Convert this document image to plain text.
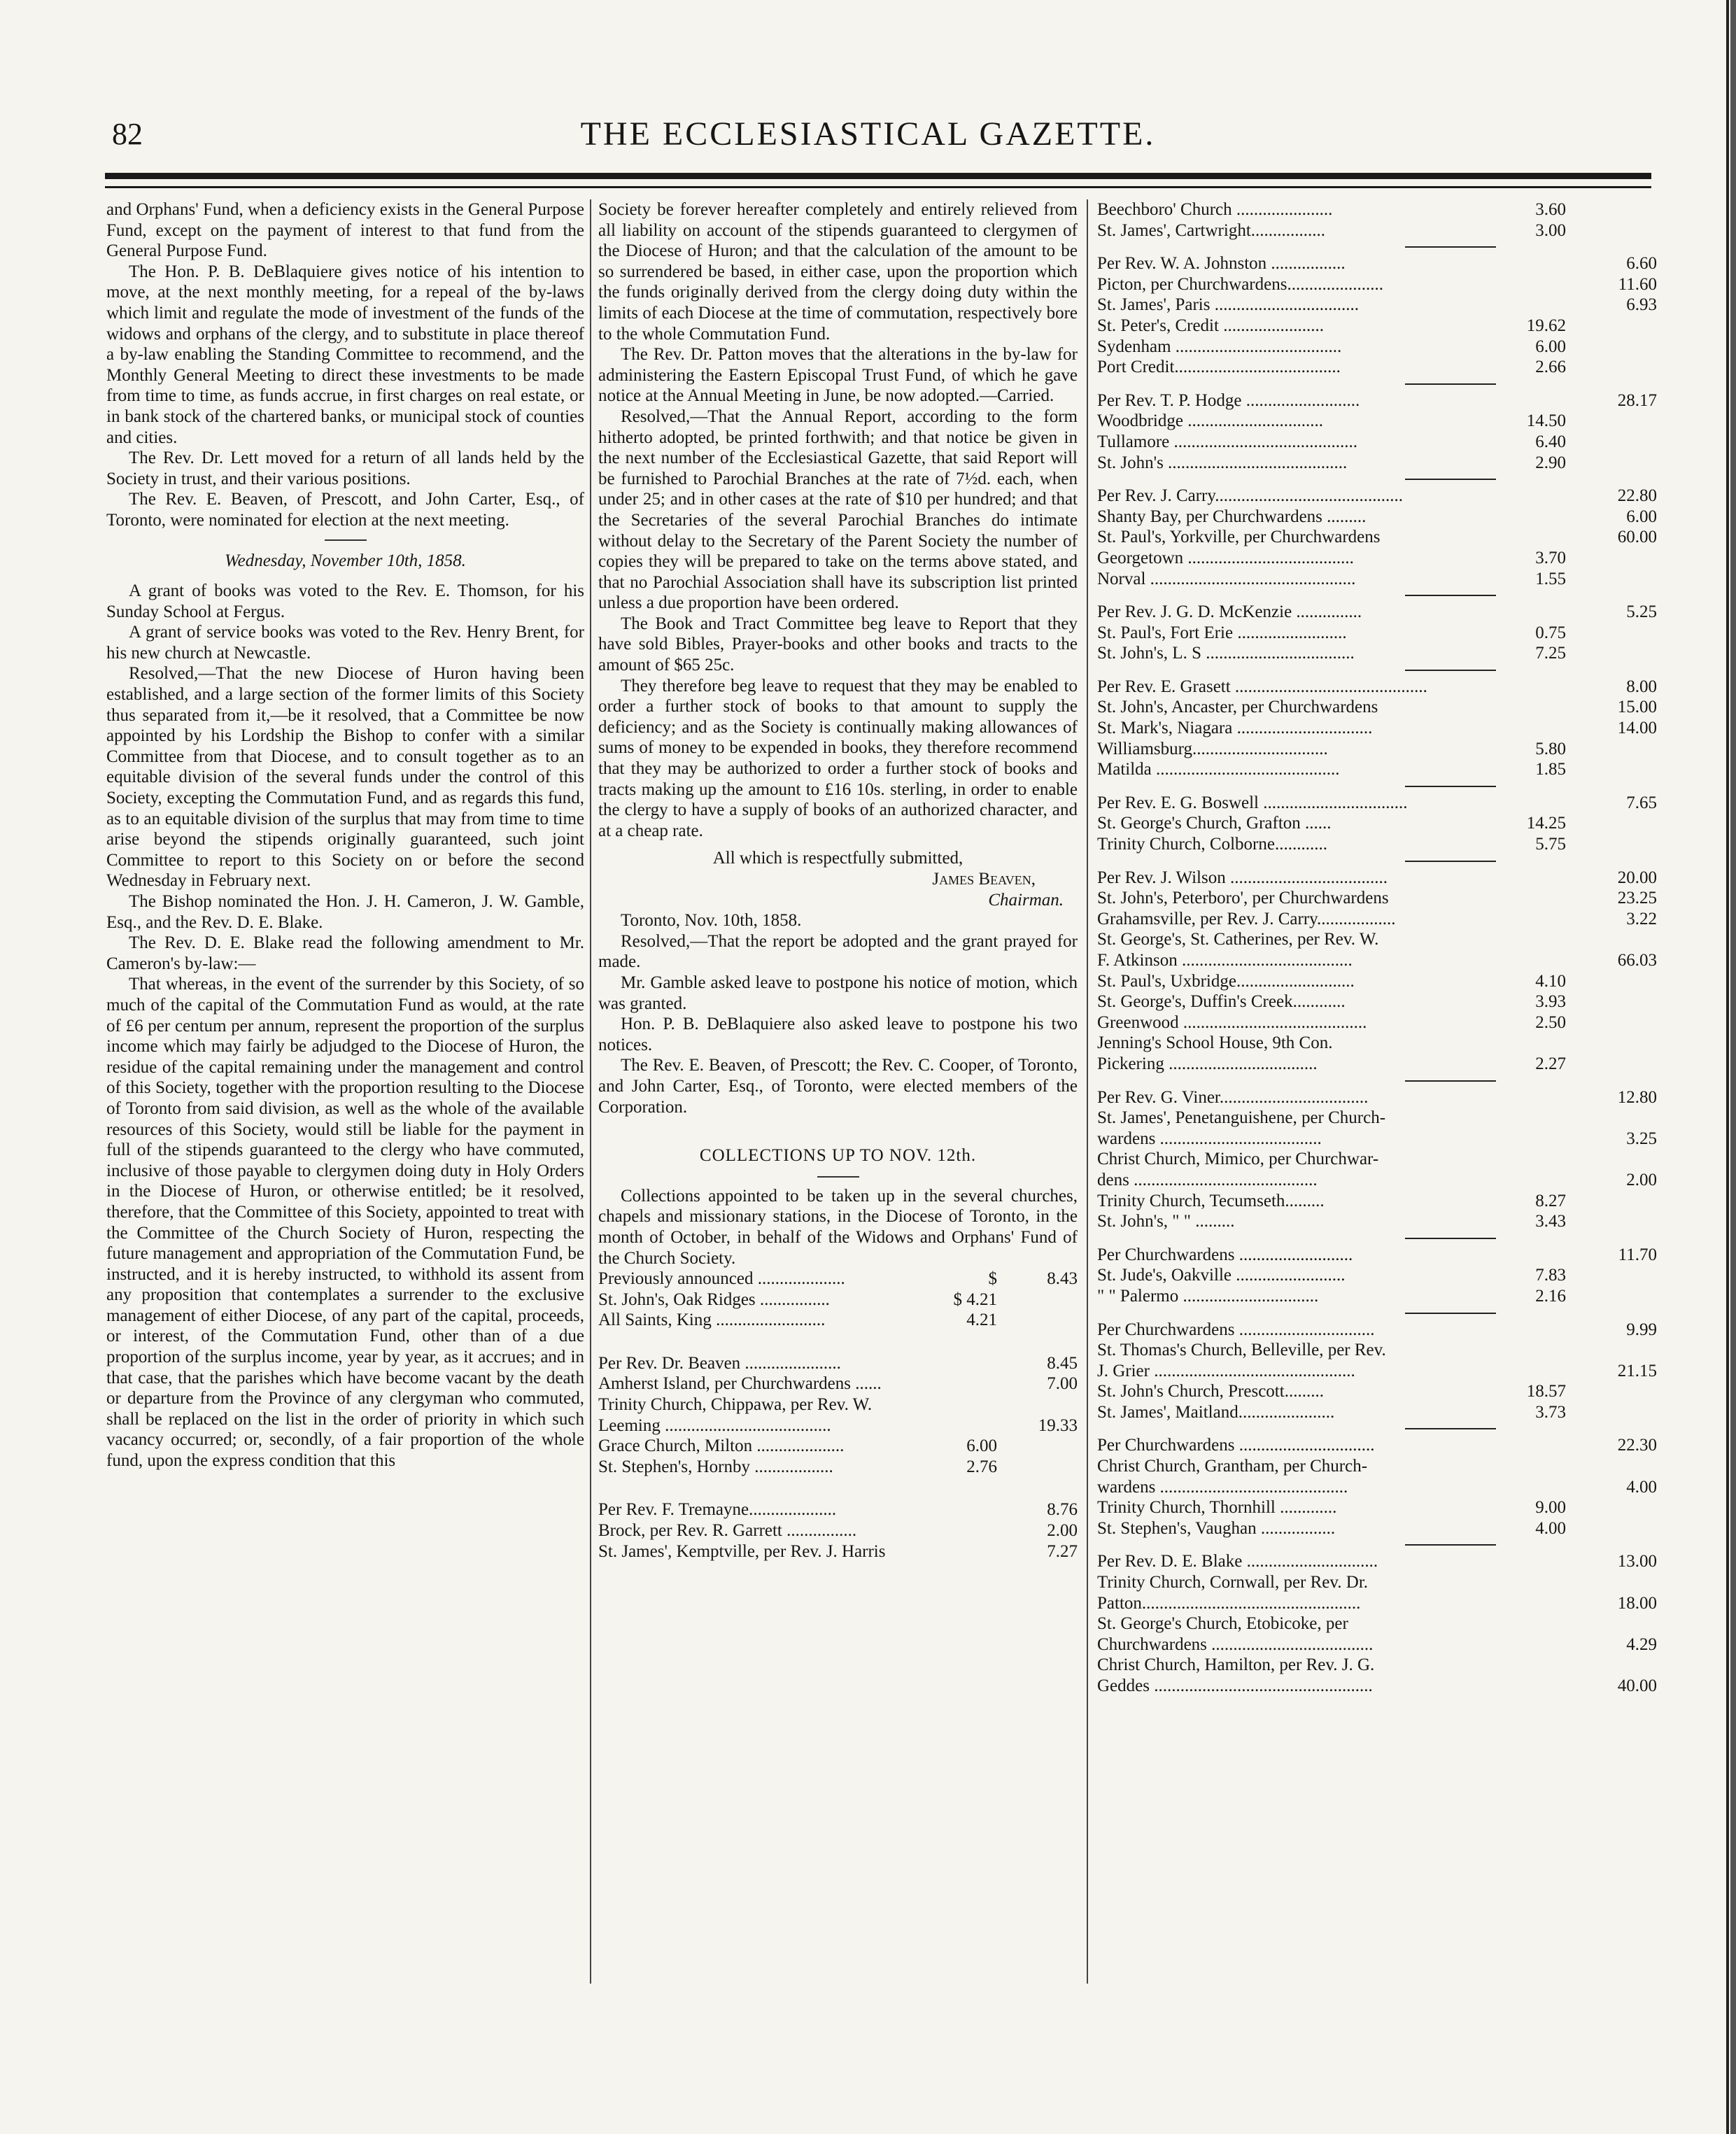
82	THE ECCLESIASTICAL GAZETTE.

and Orphans' Fund, when a deficiency exists in the General Purpose Fund, except on the payment of interest to that fund from the General Purpose Fund.

The Hon. P. B. DeBlaquiere gives notice of his intention to move, at the next monthly meeting, for a repeal of the by-laws which limit and regulate the mode of investment of the funds of the widows and orphans of the clergy, and to substitute in place thereof a by-law enabling the Standing Committee to recommend, and the Monthly General Meeting to direct these investments to be made from time to time, as funds accrue, in first charges on real estate, or in bank stock of the chartered banks, or municipal stock of counties and cities.

The Rev. Dr. Lett moved for a return of all lands held by the Society in trust, and their various positions.

The Rev. E. Beaven, of Prescott, and John Carter, Esq., of Toronto, were nominated for election at the next meeting.

Wednesday, November 10th, 1858.

A grant of books was voted to the Rev. E. Thomson, for his Sunday School at Fergus.

A grant of service books was voted to the Rev. Henry Brent, for his new church at Newcastle.

Resolved,—That the new Diocese of Huron having been established, and a large section of the former limits of this Society thus separated from it,—be it resolved, that a Committee be now appointed by his Lordship the Bishop to confer with a similar Committee from that Diocese, and to consult together as to an equitable division of the several funds under the control of this Society, excepting the Commutation Fund, and as regards this fund, as to an equitable division of the surplus that may from time to time arise beyond the stipends originally guaranteed, such joint Committee to report to this Society on or before the second Wednesday in February next.

The Bishop nominated the Hon. J. H. Cameron, J. W. Gamble, Esq., and the Rev. D. E. Blake.

The Rev. D. E. Blake read the following amendment to Mr. Cameron's by-law:—

That whereas, in the event of the surrender by this Society, of so much of the capital of the Commutation Fund as would, at the rate of £6 per centum per annum, represent the proportion of the surplus income which may fairly be adjudged to the Diocese of Huron, the residue of the capital remaining under the management and control of this Society, together with the proportion resulting to the Diocese of Toronto from said division, as well as the whole of the available resources of this Society, would still be liable for the payment in full of the stipends guaranteed to the clergy who have commuted, inclusive of those payable to clergymen doing duty in Holy Orders in the Diocese of Huron, or otherwise entitled; be it resolved, therefore, that the Committee of this Society, appointed to treat with the Committee of the Church Society of Huron, respecting the future management and appropriation of the Commutation Fund, be instructed, and it is hereby instructed, to withhold its assent from any proposition that contemplates a surrender to the exclusive management of either Diocese, of any part of the capital, proceeds, or interest, of the Commutation Fund, other than of a due proportion of the surplus income, year by year, as it accrues; and in that case, that the parishes which have become vacant by the death or departure from the Province of any clergyman who commuted, shall be replaced on the list in the order of priority in which such vacancy occurred; or, secondly, of a fair proportion of the whole fund, upon the express condition that this

Society be forever hereafter completely and entirely relieved from all liability on account of the stipends guaranteed to clergymen of the Diocese of Huron; and that the calculation of the amount to be so surrendered be based, in either case, upon the proportion which the funds originally derived from the clergy doing duty within the limits of each Diocese at the time of commutation, respectively bore to the whole Commutation Fund.

The Rev. Dr. Patton moves that the alterations in the by-law for administering the Eastern Episcopal Trust Fund, of which he gave notice at the Annual Meeting in June, be now adopted.—Carried.

Resolved,—That the Annual Report, according to the form hitherto adopted, be printed forthwith; and that notice be given in the next number of the Ecclesiastical Gazette, that said Report will be furnished to Parochial Branches at the rate of 7½d. each, when under 25; and in other cases at the rate of $10 per hundred; and that the Secretaries of the several Parochial Branches do intimate without delay to the Secretary of the Parent Society the number of copies they will be prepared to take on the terms above stated, and that no Parochial Association shall have its subscription list printed unless a due proportion have been ordered.

The Book and Tract Committee beg leave to Report that they have sold Bibles, Prayer-books and other books and tracts to the amount of $65 25c.

They therefore beg leave to request that they may be enabled to order a further stock of books to that amount to supply the deficiency; and as the Society is continually making allowances of sums of money to be expended in books, they therefore recommend that they may be authorized to order a further stock of books and tracts making up the amount to £16 10s. sterling, in order to enable the clergy to have a supply of books of an authorized character, and at a cheap rate.

All which is respectfully submitted,

James Beaven,

Chairman.

Toronto, Nov. 10th, 1858.

Resolved,—That the report be adopted and the grant prayed for made.

Mr. Gamble asked leave to postpone his notice of motion, which was granted.

Hon. P. B. DeBlaquiere also asked leave to postpone his two notices.

The Rev. E. Beaven, of Prescott; the Rev. C. Cooper, of Toronto, and John Carter, Esq., of Toronto, were elected members of the Corporation.

COLLECTIONS UP TO NOV. 12th.

Collections appointed to be taken up in the several churches, chapels and missionary stations, in the Diocese of Toronto, in the month of October, in behalf of the Widows and Orphans' Fund of the Church Society.

Previously announced ....................	$	8.43
St. John's, Oak Ridges ................	$ 4.21
All Saints, King .........................	4.21
Per Rev. Dr. Beaven ......................	8.45
Amherst Island, per Churchwardens ......	7.00
Trinity Church, Chippawa, per Rev. W.
Leeming ......................................	19.33
Grace Church, Milton ....................	6.00
St. Stephen's, Hornby ..................	2.76
Per Rev. F. Tremayne....................	8.76
Brock, per Rev. R. Garrett ................	2.00
St. James', Kemptville, per Rev. J. Harris	7.27
Beechboro' Church ......................	3.60
St. James', Cartwright.................	3.00
Per Rev. W. A. Johnston .................	6.60
Picton, per Churchwardens......................	11.60
St. James', Paris .................................	6.93
St. Peter's, Credit .......................	19.62
Sydenham ......................................	6.00
Port Credit......................................	2.66
Per Rev. T. P. Hodge ..........................	28.17
Woodbridge ...............................	14.50
Tullamore ..........................................	6.40
St. John's .........................................	2.90
Per Rev. J. Carry...........................................	22.80
Shanty Bay, per Churchwardens .........	6.00
St. Paul's, Yorkville, per Churchwardens	60.00
Georgetown ......................................	3.70
Norval ...............................................	1.55
Per Rev. J. G. D. McKenzie ...............	5.25
St. Paul's, Fort Erie .........................	0.75
St. John's, L. S ..................................	7.25
Per Rev. E. Grasett ............................................	8.00
St. John's, Ancaster, per Churchwardens	15.00
St. Mark's, Niagara ...............................	14.00
Williamsburg...............................	5.80
Matilda ..........................................	1.85
Per Rev. E. G. Boswell .................................	7.65
St. George's Church, Grafton ......	14.25
Trinity Church, Colborne............	5.75
Per Rev. J. Wilson ....................................	20.00
St. John's, Peterboro', per Churchwardens	23.25
Grahamsville, per Rev. J. Carry..................	3.22
St. George's, St. Catherines, per Rev. W.
F. Atkinson .......................................	66.03
St. Paul's, Uxbridge...........................	4.10
St. George's, Duffin's Creek............	3.93
Greenwood ..........................................	2.50
Jenning's School House, 9th Con.
Pickering ..................................	2.27
Per Rev. G. Viner..................................	12.80
St. James', Penetanguishene, per Church-
wardens .....................................	3.25
Christ Church, Mimico, per Churchwar-
dens ..........................................	2.00
Trinity Church, Tecumseth.........	8.27
St. John's, " " .........	3.43
Per Churchwardens ..........................	11.70
St. Jude's, Oakville .........................	7.83
" " Palermo ...............................	2.16
Per Churchwardens ...............................	9.99
St. Thomas's Church, Belleville, per Rev.
J. Grier ..............................................	21.15
St. John's Church, Prescott.........	18.57
St. James', Maitland......................	3.73
Per Churchwardens ...............................	22.30
Christ Church, Grantham, per Church-
wardens ...........................................	4.00
Trinity Church, Thornhill .............	9.00
St. Stephen's, Vaughan .................	4.00
Per Rev. D. E. Blake ..............................	13.00
Trinity Church, Cornwall, per Rev. Dr.
Patton..................................................	18.00
St. George's Church, Etobicoke, per
Churchwardens .....................................	4.29
Christ Church, Hamilton, per Rev. J. G.
Geddes ..................................................	40.00
